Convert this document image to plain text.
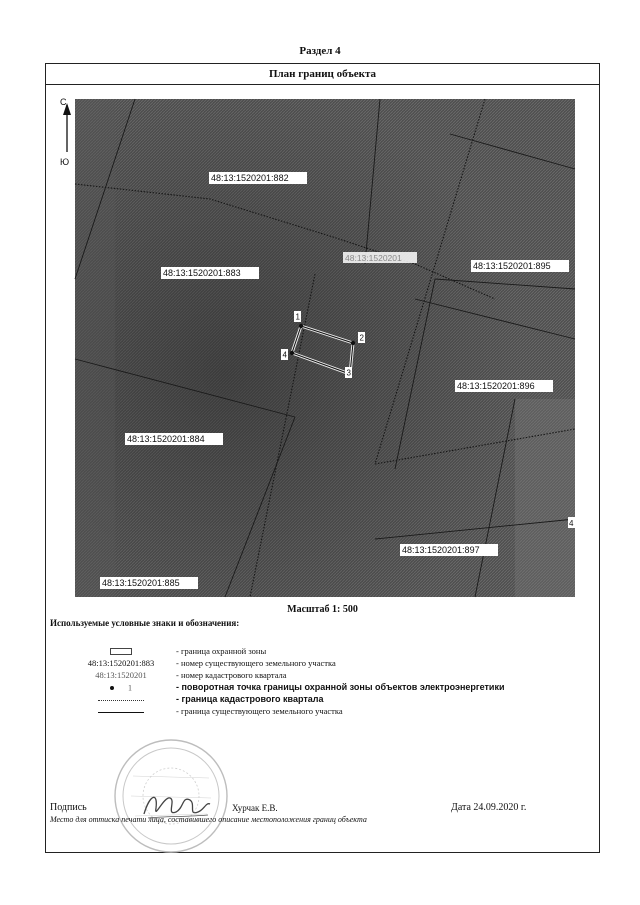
Раздел 4
План границ объекта
С
Ю
48:13:1520201:882
48:13:1520201:883
48:13:1520201:884
48:13:1520201:885
48:13:1520201:895
48:13:1520201:896
48:13:1520201:897
48:13:1520201
1
2
3
4
4
Масштаб 1: 500
Используемые условные знаки и обозначения:
- граница охранной зоны
48:13:1520201:883	- номер существующего земельного участка
48:13:1520201	- номер кадастрового квартала
1	- поворотная точка границы охранной зоны объектов электроэнергетики
- граница кадастрового квартала
- граница существующего земельного участка
Подпись	Хурчак Е.В.	Дата 24.09.2020 г.
Место для оттиска печати лица, составившего описание местоположения границ объекта
